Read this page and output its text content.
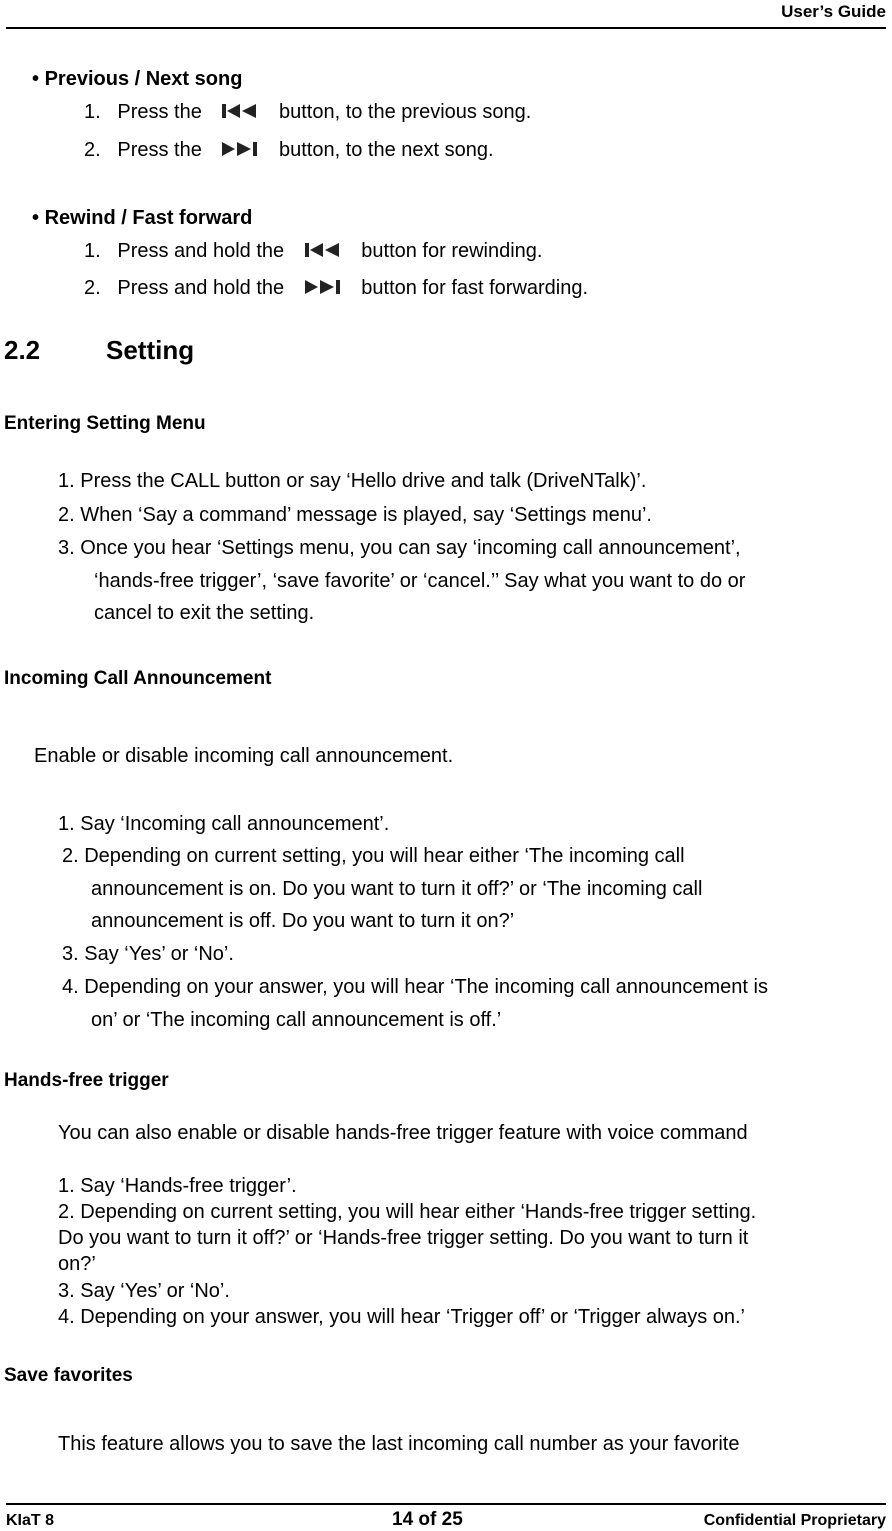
User’s Guide
• Previous / Next song
1. Press the	button, to the previous song.
2. Press the	button, to the next song.
• Rewind / Fast forward
1. Press and hold the	button for rewinding.
2. Press and hold the	button for fast forwarding.
2.2	Setting
Entering Setting Menu
1. Press the CALL button or say ‘Hello drive and talk (DriveNTalk)’.
2. When ‘Say a command’ message is played, say ‘Settings menu’.
3. Once you hear ‘Settings menu, you can say ‘incoming call announcement’,
‘hands-free trigger’, ‘save favorite’ or ‘cancel.’’ Say what you want to do or
cancel to exit the setting.
Incoming Call Announcement
Enable or disable incoming call announcement.
1. Say ‘Incoming call announcement’.
2. Depending on current setting, you will hear either ‘The incoming call
announcement is on. Do you want to turn it off?’ or ‘The incoming call
announcement is off. Do you want to turn it on?’
3. Say ‘Yes’ or ‘No’.
4. Depending on your answer, you will hear ‘The incoming call announcement is
on’ or ‘The incoming call announcement is off.’
Hands-free trigger
You can also enable or disable hands-free trigger feature with voice command
1. Say ‘Hands-free trigger’.
2. Depending on current setting, you will hear either ‘Hands-free trigger setting.
Do you want to turn it off?’ or ‘Hands-free trigger setting. Do you want to turn it
on?’
3. Say ‘Yes’ or ‘No’.
4. Depending on your answer, you will hear ‘Trigger off’ or ‘Trigger always on.’
Save favorites
This feature allows you to save the last incoming call number as your favorite
KIaT 8	14 of 25	Confidential Proprietary
